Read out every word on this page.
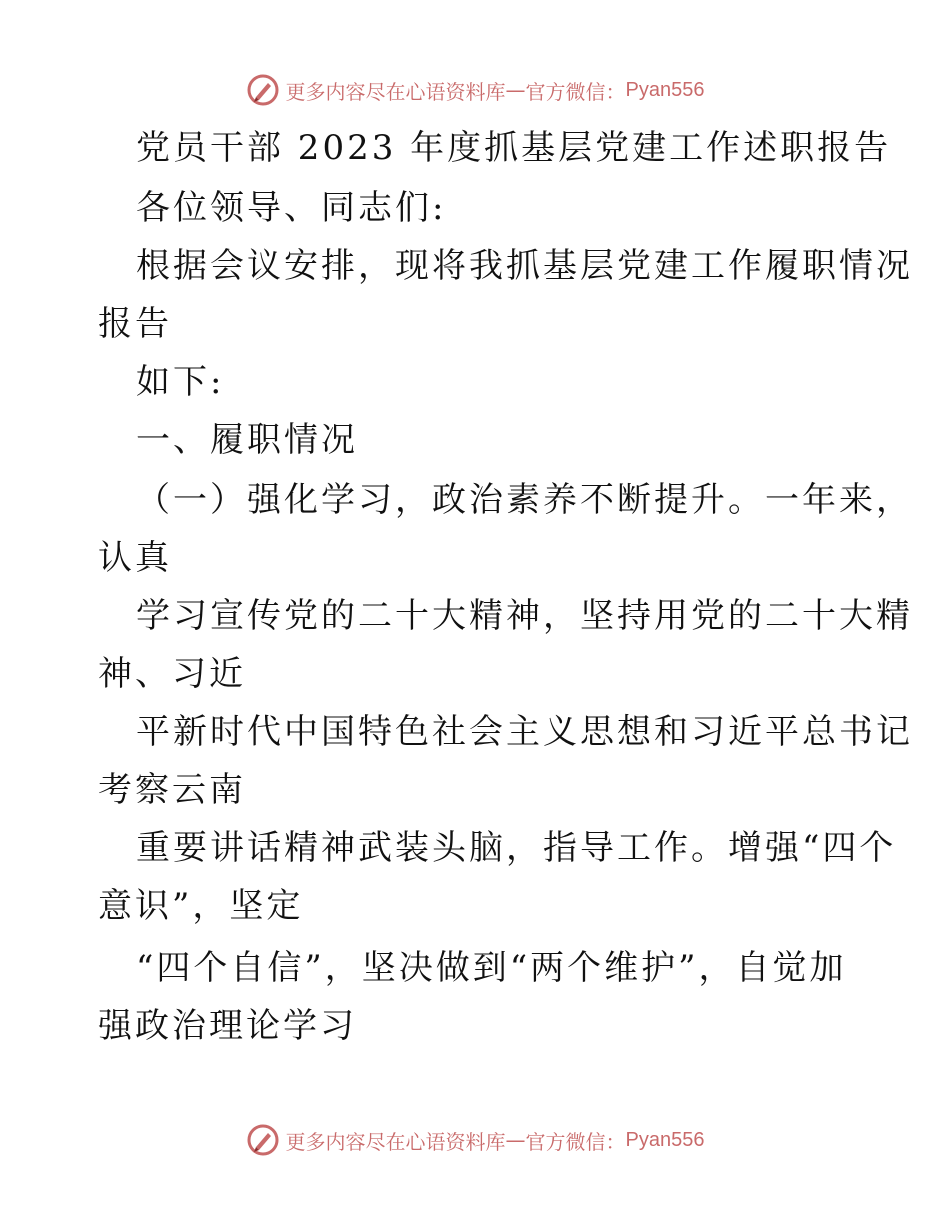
更多内容尽在心语资料库 — 官方微信： Pyan556
党员干部 2023 年度抓基层党建工作述职报告
各位领导、同志们:
根据会议安排，现将我抓基层党建工作履职情况
报告
如下:
一、履职情况
（一）强化学习，政治素养不断提升。一年来，
认真
学习宣传党的二十大精神，坚持用党的二十大精
神、习近
平新时代中国特色社会主义思想和习近平总书记
考察云南
重要讲话精神武装头脑，指导工作。增强“四个
意识”，坚定
“四个自信”，坚决做到“两个维护”，自觉加
强政治理论学习
更多内容尽在心语资料库 — 官方微信： Pyan556
